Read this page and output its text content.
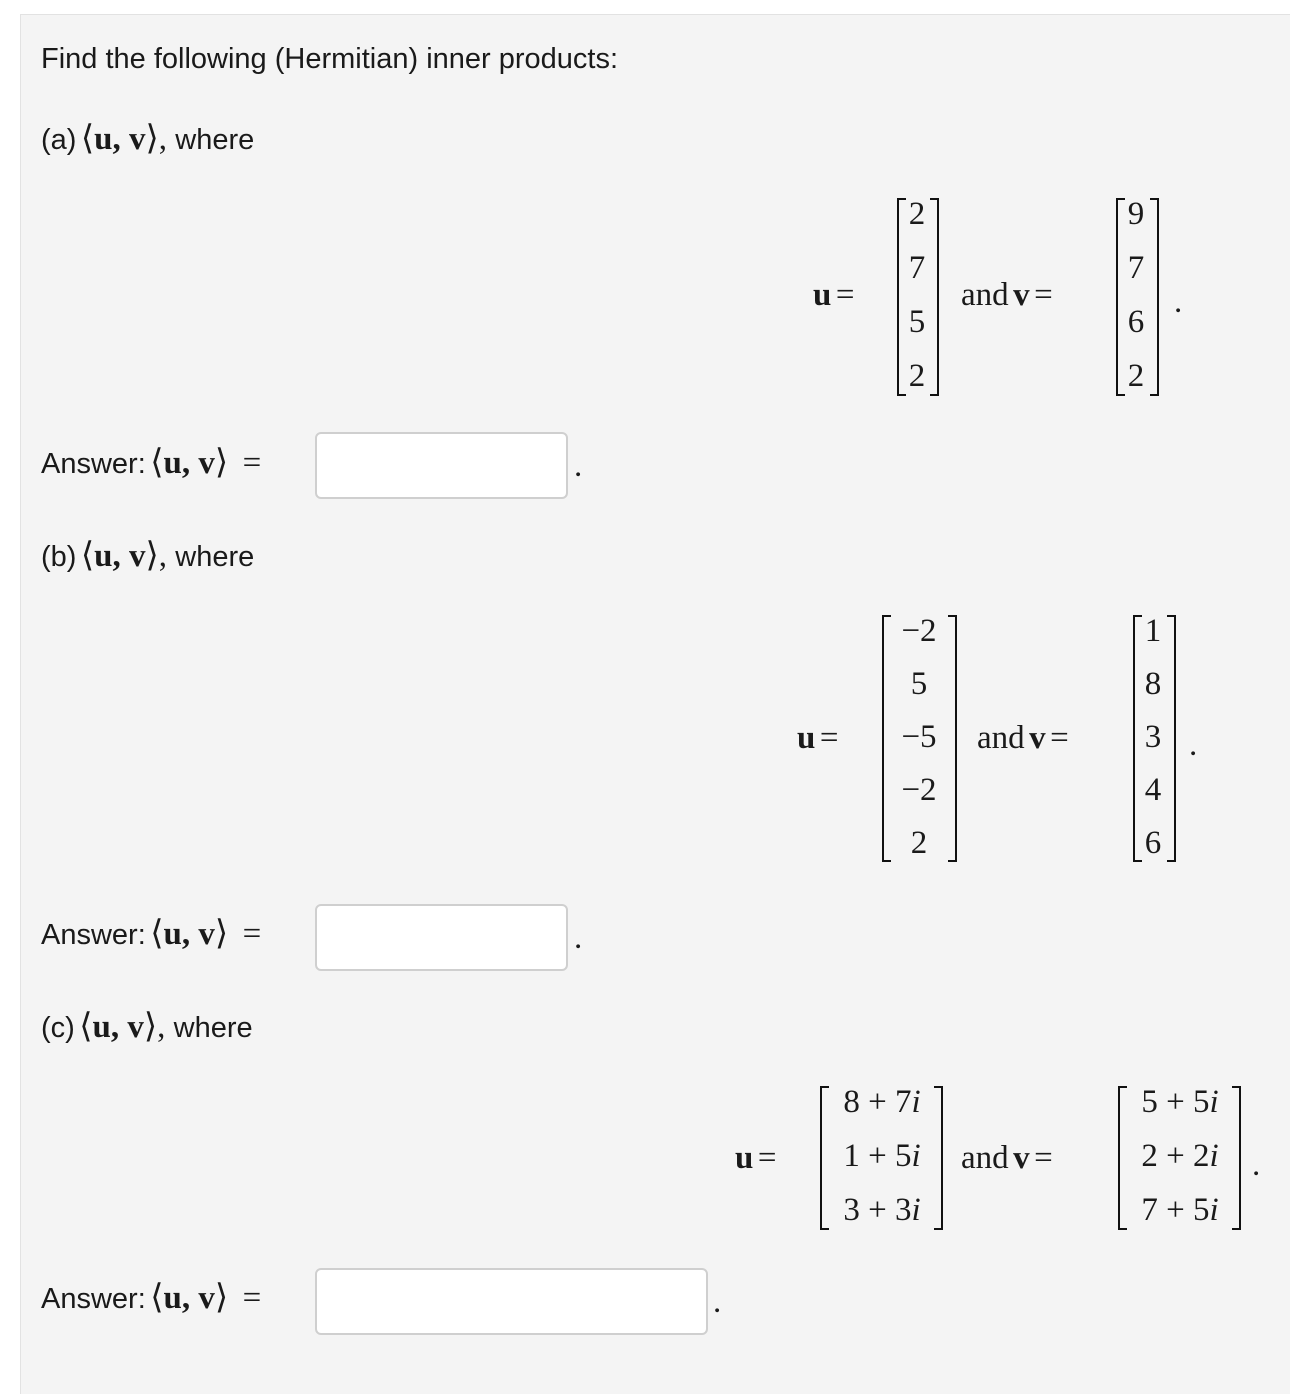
Find the following (Hermitian) inner products:
(a) ⟨u, v⟩, where
u =
2
7
5
2
and v =
9
7
6
2
.
Answer: ⟨u, v⟩ =	.
(b) ⟨u, v⟩, where
u =
−2
5
−5
−2
2
and v =
1
8
3
4
6
.
Answer: ⟨u, v⟩ =	.
(c) ⟨u, v⟩, where
u =
8 + 7i
1 + 5i
3 + 3i
and v =
5 + 5i
2 + 2i
7 + 5i
.
Answer: ⟨u, v⟩ =	.
